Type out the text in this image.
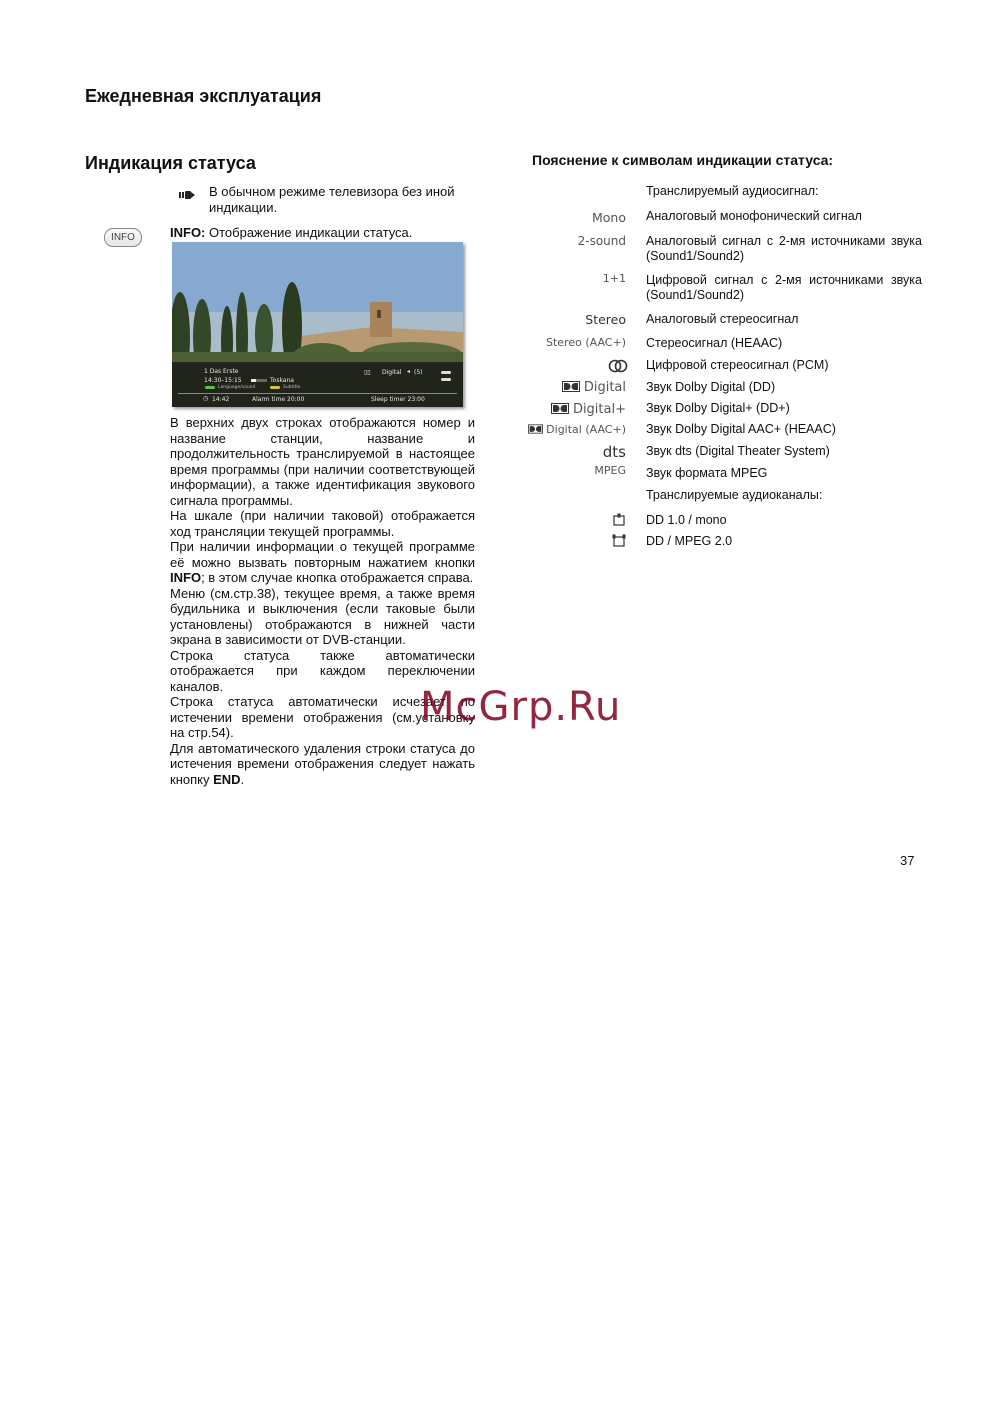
Ежедневная эксплуатация
Индикация статуса
В обычном режиме телевизора без иной индикации.
INFO	INFO: Отображение индикации статуса.
1 Das Erste
14:30–15:15	Toskana
▯▯ Digital ◂ (5)
Language/sound	Subtitle
◷ 14:42	Alarm time 20:00	Sleep timer 23:00

В верхних двух строках отображаются номер и название станции, название и продолжительность транслируемой в настоящее время программы (при наличии соответствующей информации), а также идентификация звукового сигнала программы.

На шкале (при наличии таковой) отображается ход трансляции текущей программы.

При наличии информации о текущей программе её можно вызвать повторным нажатием кнопки INFO; в этом случае кнопка отображается справа.

Меню (см.стр.38), текущее время, а также время будильника и выключения (если таковые были установлены) отображаются в нижней части экрана в зависимости от DVB-станции.

Строка статуса также автоматически отображается при каждом переключении каналов.

Строка статуса автоматически исчезает по истечении времени отображения (см.установку на стр.54).

Для автоматического удаления строки статуса до истечения времени отображения следует нажать кнопку END.

Пояснение к символам индикации статуса:
Транслируемый аудиосигнал:
Mono Аналоговый монофонический сигнал
2-sound Аналоговый сигнал с 2-мя источниками звука (Sound1/Sound2)
1+1 Цифровой сигнал с 2-мя источниками звука (Sound1/Sound2)
Stereo Аналоговый стереосигнал
Stereo (AAC+) Стереосигнал (HEAAC)
Цифровой стереосигнал (PCM)
Digital Звук Dolby Digital (DD)
Digital+ Звук Dolby Digital+ (DD+)
Digital (AAC+) Звук Dolby Digital AAC+ (HEAAC)
dts Звук dts (Digital Theater System)
MPEG Звук формата MPEG
Транслируемые аудиоканалы:
DD 1.0 / mono
DD / MPEG 2.0
37
McGrp.Ru
